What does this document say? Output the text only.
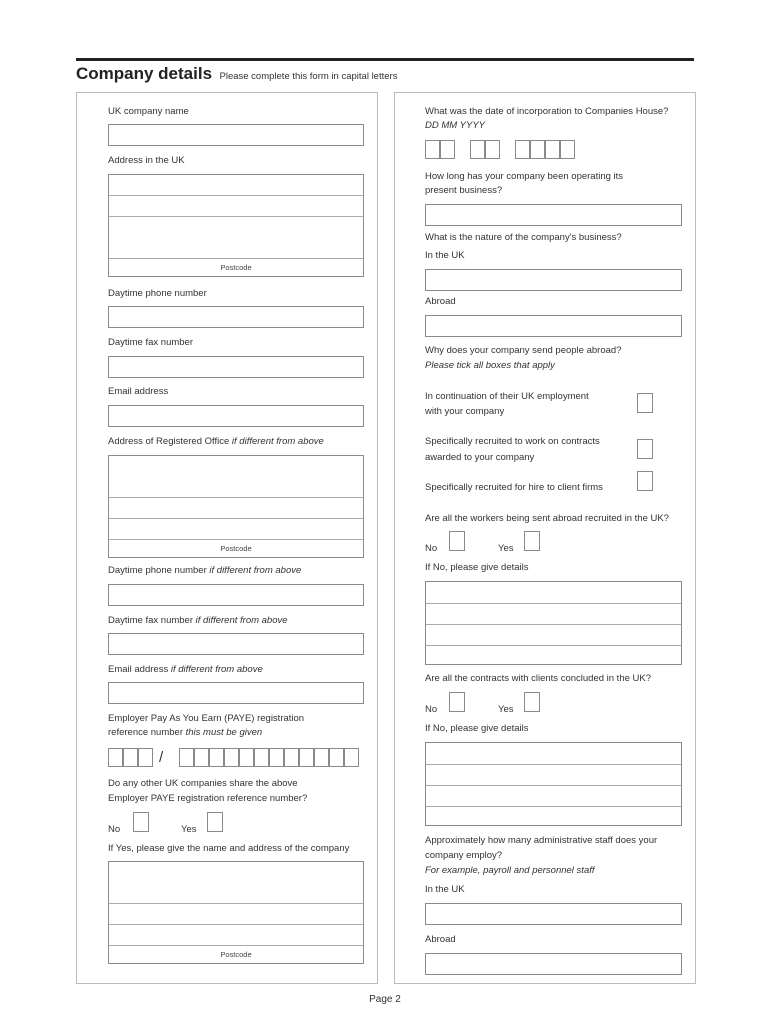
Company details Please complete this form in capital letters
UK company name
Address in the UK
Postcode
Daytime phone number
Daytime fax number
Email address
Address of Registered Office if different from above
Postcode
Daytime phone number if different from above
Daytime fax number if different from above
Email address if different from above
Employer Pay As You Earn (PAYE) registration
reference number this must be given
/
Do any other UK companies share the above
Employer PAYE registration reference number?
No	Yes
If Yes, please give the name and address of the company
Postcode
What was the date of incorporation to Companies House?
DD MM YYYY
How long has your company been operating its
present business?
What is the nature of the company's business?
In the UK
Abroad
Why does your company send people abroad?
Please tick all boxes that apply
In continuation of their UK employment
with your company
Specifically recruited to work on contracts
awarded to your company
Specifically recruited for hire to client firms
Are all the workers being sent abroad recruited in the UK?
No	Yes
If No, please give details
Are all the contracts with clients concluded in the UK?
No	Yes
If No, please give details
Approximately how many administrative staff does your
company employ?
For example, payroll and personnel staff
In the UK
Abroad
Page 2
